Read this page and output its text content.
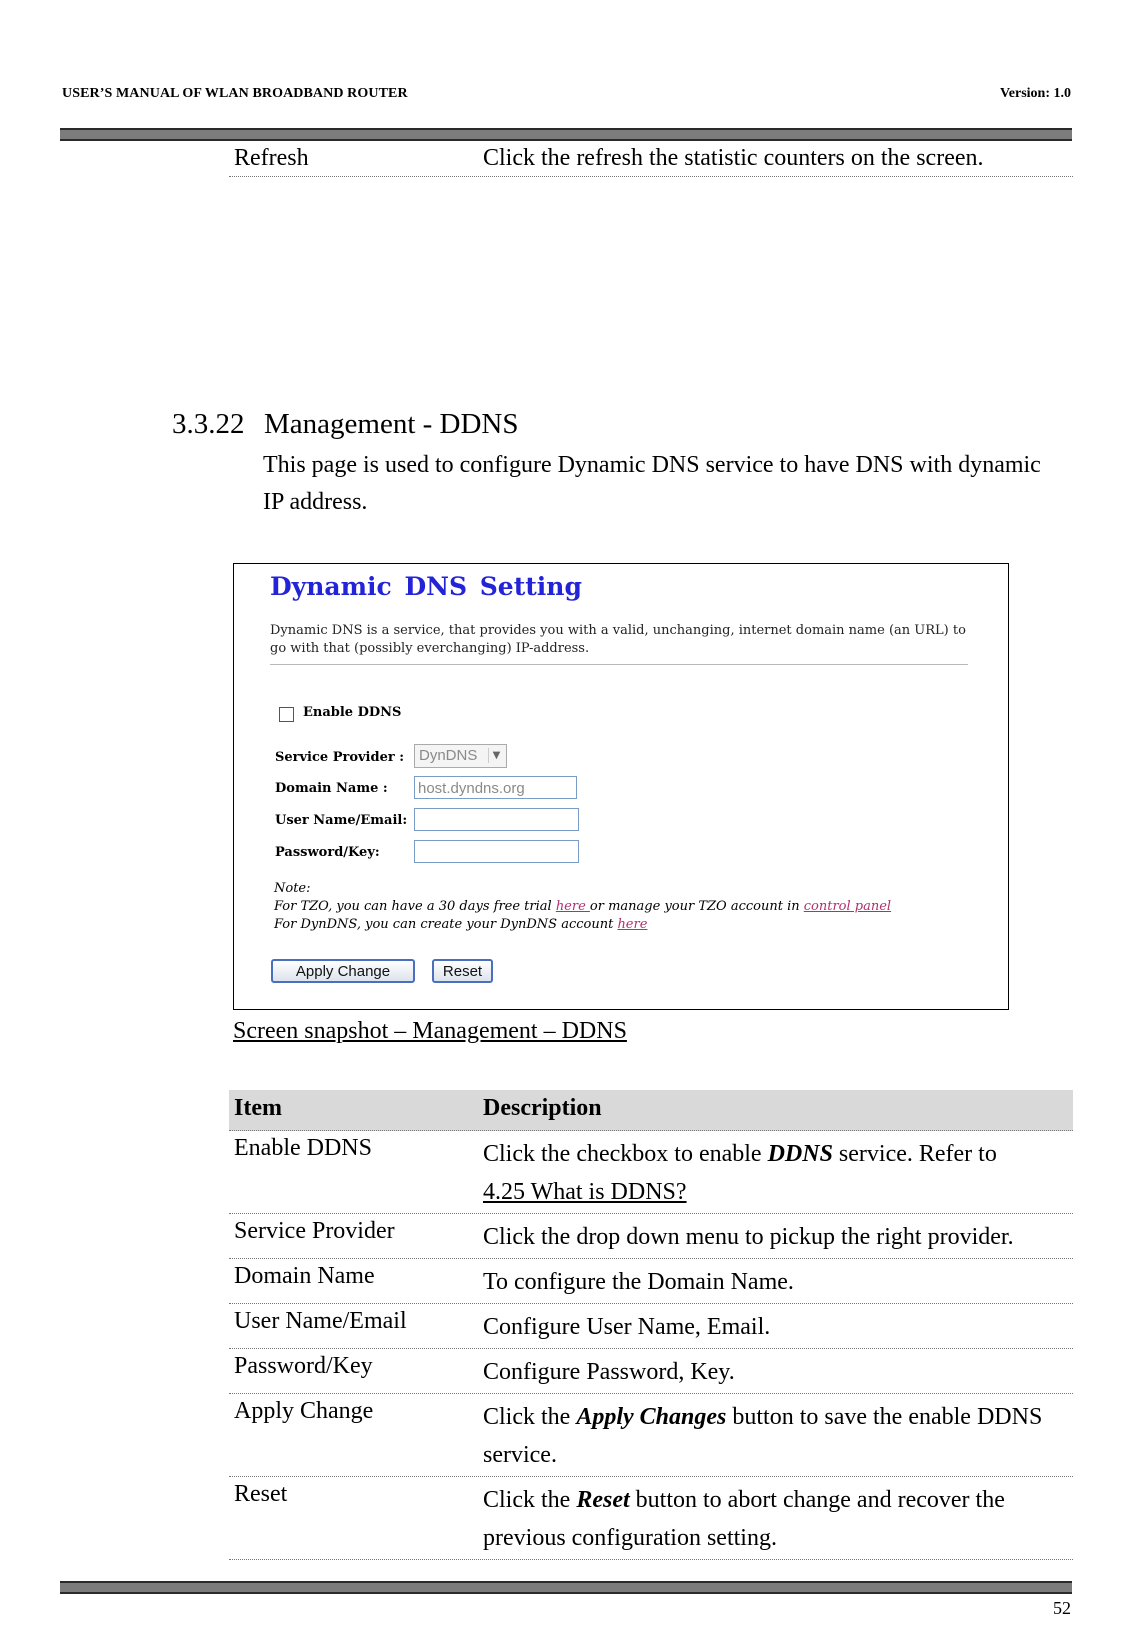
USER’S MANUAL OF WLAN BROADBAND ROUTER	Version: 1.0
Refresh	Click the refresh the statistic counters on the screen.
3.3.22 Management - DDNS
This page is used to configure Dynamic DNS service to have DNS with dynamic IP address.
Dynamic DNS Setting
Dynamic DNS is a service, that provides you with a valid, unchanging, internet domain name (an URL) to go with that (possibly everchanging) IP-address.
Enable DDNS
Service Provider : DynDNS	▼
Domain Name : host.dyndns.org
User Name/Email:
Password/Key:
Note:
For TZO, you can have a 30 days free trial here or manage your TZO account in control panel
For DynDNS, you can create your DynDNS account here
Apply Change	Reset
Screen snapshot – Management – DDNS
Item	Description
Enable DDNS	Click the checkbox to enable DDNS service. Refer to
4.25 What is DDNS?
Service Provider	Click the drop down menu to pickup the right provider.
Domain Name	To configure the Domain Name.
User Name/Email	Configure User Name, Email.
Password/Key	Configure Password, Key.
Apply Change	Click the Apply Changes button to save the enable DDNS service.
Reset	Click the Reset button to abort change and recover the previous configuration setting.
52
